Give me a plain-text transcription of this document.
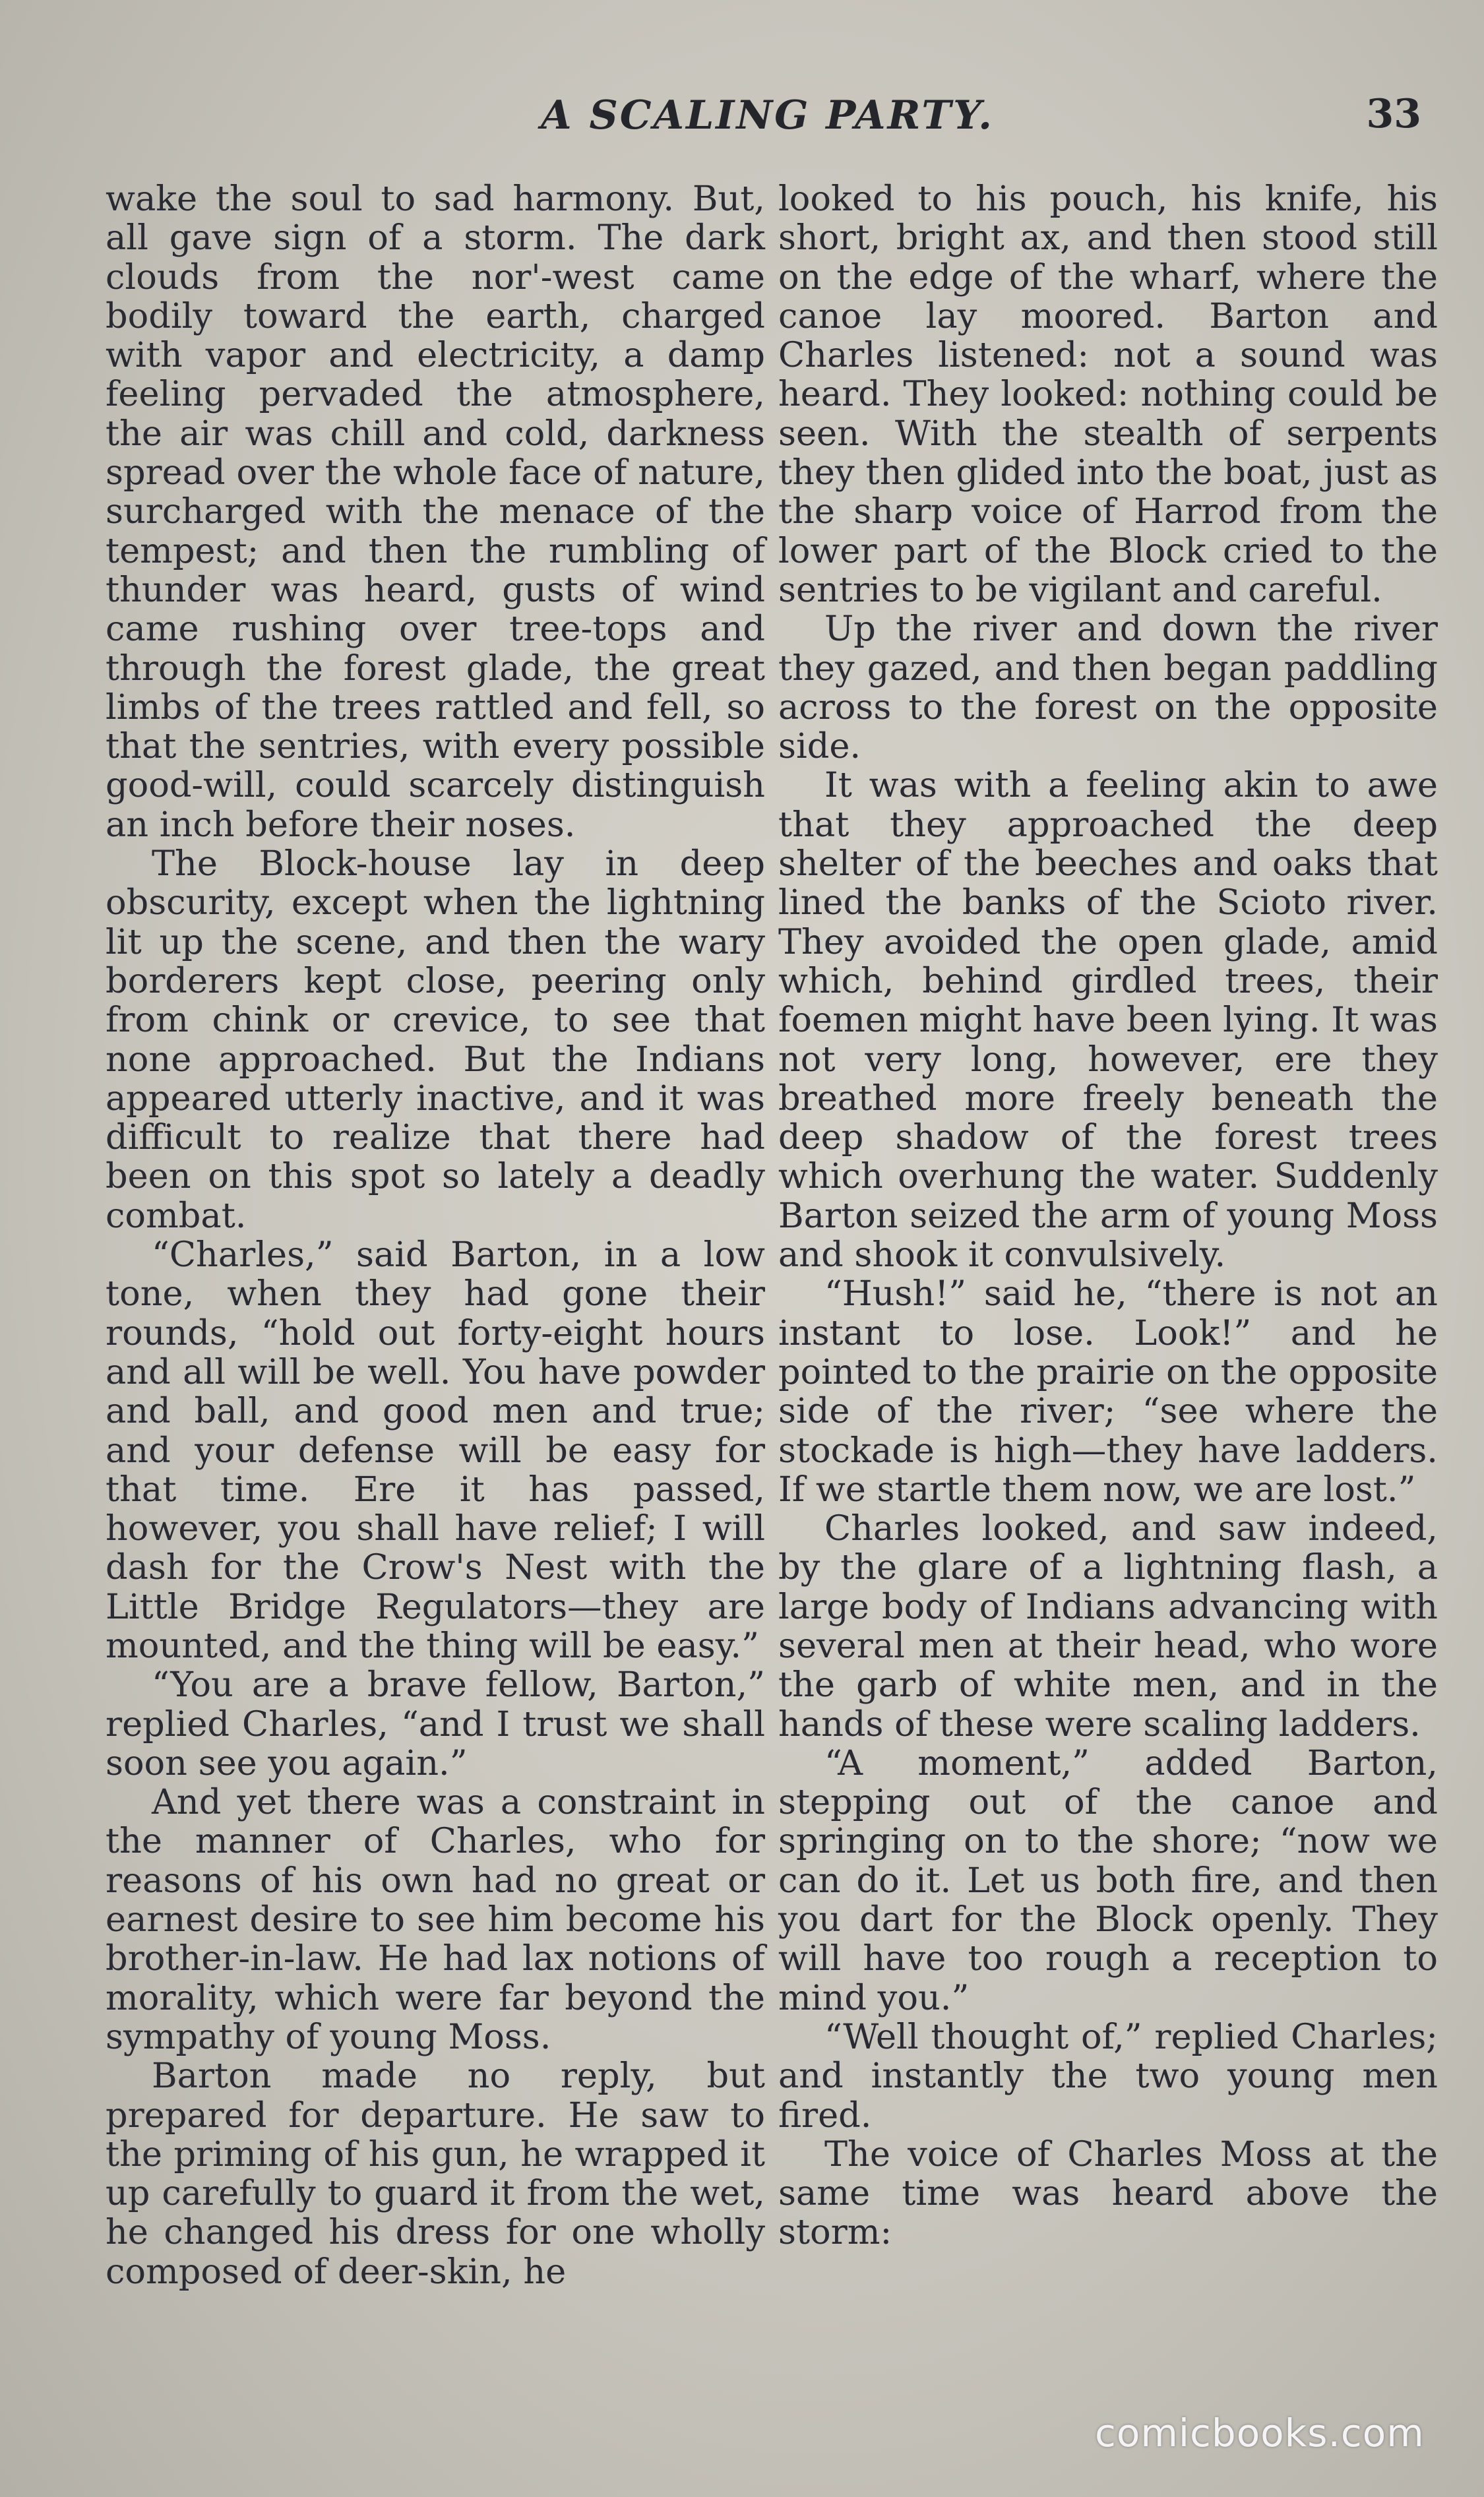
A SCALING PARTY.	33

wake the soul to sad harmony. But, all gave sign of a storm. The dark clouds from the nor'-west came bodily toward the earth, charged with vapor and electricity, a damp feeling pervaded the atmosphere, the air was chill and cold, darkness spread over the whole face of nature, surcharged with the menace of the tempest; and then the rumbling of thunder was heard, gusts of wind came rushing over tree-tops and through the forest glade, the great limbs of the trees rattled and fell, so that the sentries, with every possible good-will, could scarcely distinguish an inch before their noses.

The Block-house lay in deep obscurity, except when the lightning lit up the scene, and then the wary borderers kept close, peering only from chink or crevice, to see that none approached. But the Indians appeared utterly inactive, and it was difficult to realize that there had been on this spot so lately a deadly combat.

“Charles,” said Barton, in a low tone, when they had gone their rounds, “hold out forty-eight hours and all will be well. You have powder and ball, and good men and true; and your defense will be easy for that time. Ere it has passed, however, you shall have relief; I will dash for the Crow's Nest with the Little Bridge Regulators—they are mounted, and the thing will be easy.”

“You are a brave fellow, Barton,” replied Charles, “and I trust we shall soon see you again.”

And yet there was a constraint in the manner of Charles, who for reasons of his own had no great or earnest desire to see him become his brother-in-law. He had lax notions of morality, which were far beyond the sympathy of young Moss.

Barton made no reply, but prepared for departure. He saw to the priming of his gun, he wrapped it up carefully to guard it from the wet, he changed his dress for one wholly composed of deer-skin, he

looked to his pouch, his knife, his short, bright ax, and then stood still on the edge of the wharf, where the canoe lay moored. Barton and Charles listened: not a sound was heard. They looked: nothing could be seen. With the stealth of serpents they then glided into the boat, just as the sharp voice of Harrod from the lower part of the Block cried to the sentries to be vigilant and careful.

Up the river and down the river they gazed, and then began paddling across to the forest on the opposite side.

It was with a feeling akin to awe that they approached the deep shelter of the beeches and oaks that lined the banks of the Scioto river. They avoided the open glade, amid which, behind girdled trees, their foemen might have been lying. It was not very long, however, ere they breathed more freely beneath the deep shadow of the forest trees which overhung the water. Suddenly Barton seized the arm of young Moss and shook it convulsively.

“Hush!” said he, “there is not an instant to lose. Look!” and he pointed to the prairie on the opposite side of the river; “see where the stockade is high—they have ladders. If we startle them now, we are lost.”

Charles looked, and saw indeed, by the glare of a lightning flash, a large body of Indians advancing with several men at their head, who wore the garb of white men, and in the hands of these were scaling ladders.

“A moment,” added Barton, stepping out of the canoe and springing on to the shore; “now we can do it. Let us both fire, and then you dart for the Block openly. They will have too rough a reception to mind you.”

“Well thought of,” replied Charles; and instantly the two young men fired.

The voice of Charles Moss at the same time was heard above the storm:

comicbooks.com
